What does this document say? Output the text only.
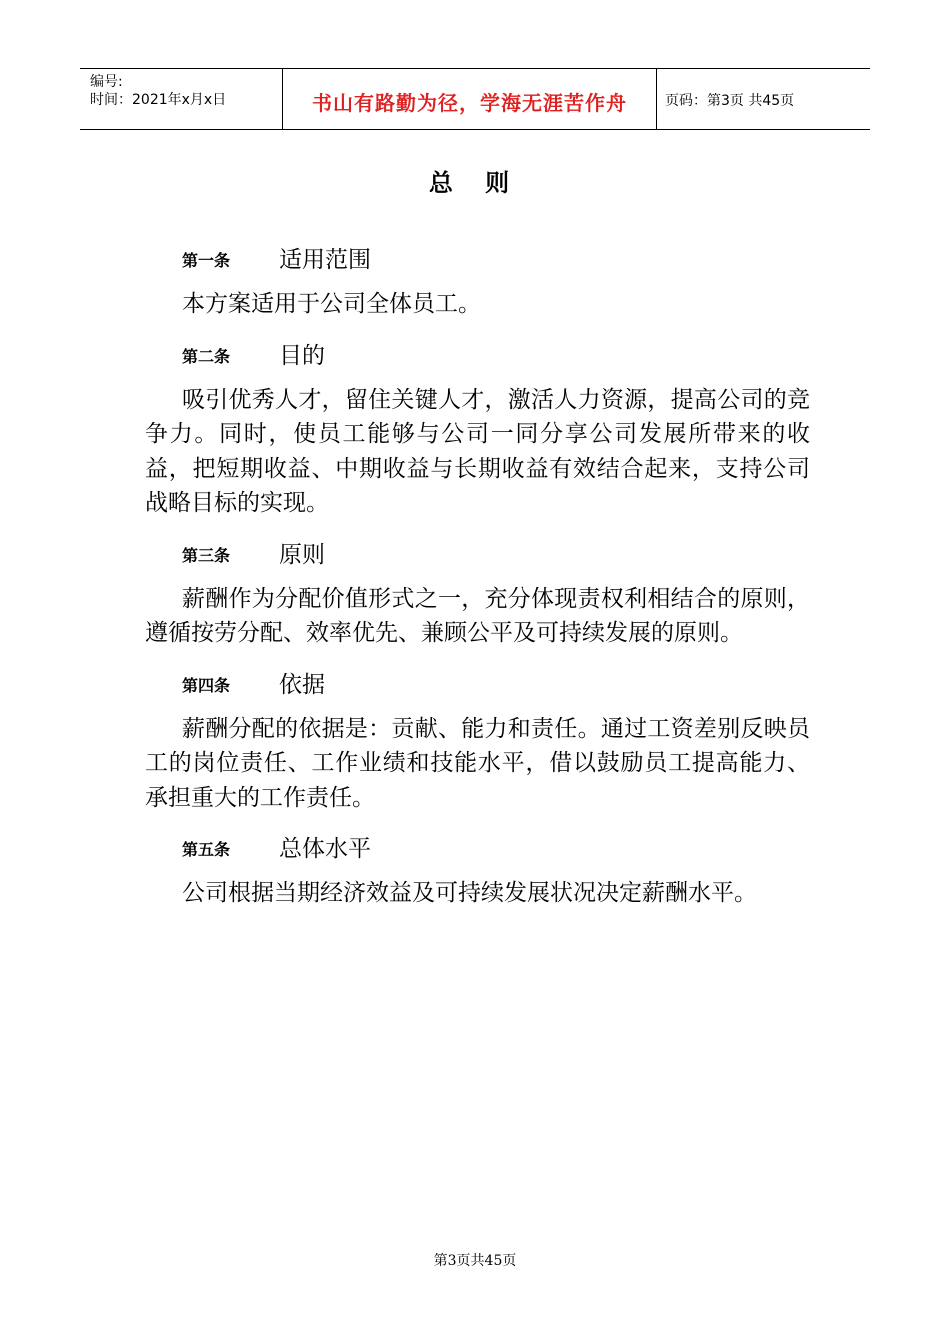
编号:
时间：2021年x月x日	书山有路勤为径，学海无涯苦作舟	页码：第3页 共45页
总 则
第一条	适用范围
本方案适用于公司全体员工。
第二条	目的
吸引优秀人才，留住关键人才，激活人力资源，提高公司的竞争力。同时，使员工能够与公司一同分享公司发展所带来的收益，把短期收益、中期收益与长期收益有效结合起来，支持公司战略目标的实现。
第三条	原则
薪酬作为分配价值形式之一，充分体现责权利相结合的原则，遵循按劳分配、效率优先、兼顾公平及可持续发展的原则。
第四条	依据
薪酬分配的依据是：贡献、能力和责任。通过工资差别反映员工的岗位责任、工作业绩和技能水平，借以鼓励员工提高能力、承担重大的工作责任。
第五条	总体水平
公司根据当期经济效益及可持续发展状况决定薪酬水平。
第3页共45页
